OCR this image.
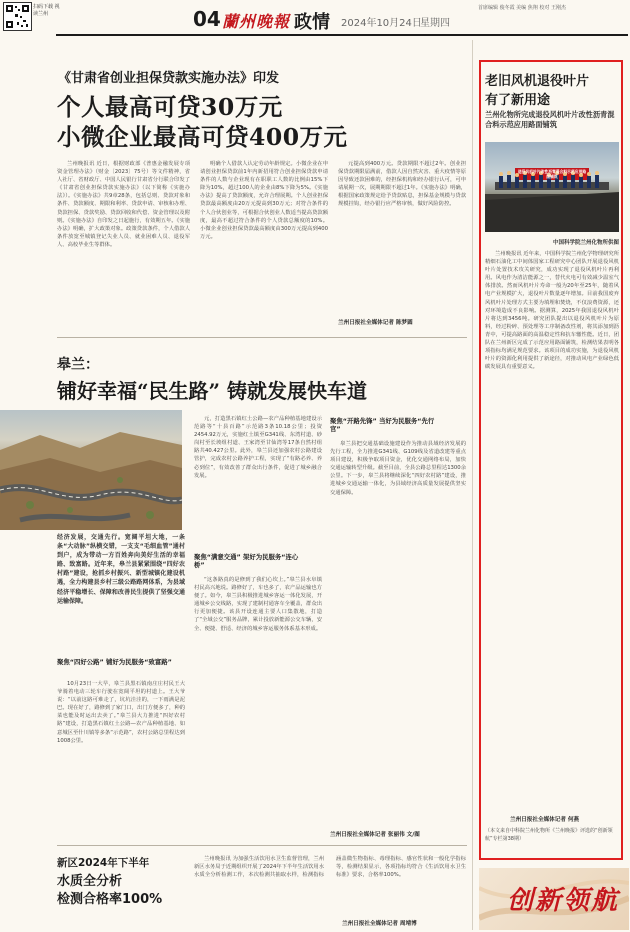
扫码下载 视读兰州	04 蘭州晚報 政情 2024年10月24日
星期四
首席编辑 俊冬霞 美编 焦翔 校对 王刚杰
《甘肃省创业担保贷款实施办法》印发
个人最高可贷30万元
小微企业最高可贷400万元

兰州晚报讯 近日，根据财政部《普惠金融发展专项资金管理办法》（财金〔2023〕75号）等文件精神，省人社厅、省财政厅、中国人民银行甘肃省分行联合印发了《甘肃省创业担保贷款实施办法》（以下简称《实施办法》）。《实施办法》共9章28条，包括总则、贷款对象和条件、贷款额度、期限和利率、贷款申请、审核和办理、贷款担保、贷款奖励、贷款回收和代偿、资金管理以及附则。《实施办法》自印发之日起施行，有效期五年。《实施办法》明确，扩大政策对象。政策贷款条件，个人借款人条件放宽至城镇登记失业人员、就业困难人员、退役军人、高校毕业生等群体。

明确个人借款人认定劳动年龄规定。小微企业在申请创业担保贷款前1年内新招用符合创业担保贷款申请条件的人数与企业现有在职职工人数的比例由15%下降为10%，超过100人的企业由8%下降为5%。《实施办法》提高了贷款额度，允许合理展期。个人创业担保贷款最高额度由20万元提高到30万元；对符合条件的个人合伙创业等，可根据合伙创业人数适当提高贷款额度，最高不超过符合条件的个人贷款总额度的10%。小微企业创业担保贷款最高额度由300万元提高到400万元。

元提高到400万元。贷款期限不超过2年。创业担保贷款期限届满前，借款人因自然灾害、重大疫情等原因导致还款困难的，经担保机构和经办银行认可，可申请展期一次，展期期限不超过1年。《实施办法》明确，根据国家政策规定给予贷款贴息，担保基金规模与贷款规模挂钩，经办银行应严格审核，做好风险防控。

兰州日报社全媒体记者 陈梦圆
老旧风机退役叶片
有了新用途
兰州化物所完成退役风机叶片改性沥青混合料示范应用路面铺筑
退役风机叶片改性沥青混合料示范应用路面铺筑
中国科学院兰州化物所供图

兰州晚报讯 近年来，中国科学院兰州化学物理研究所精细石油化工中间体国家工程研究中心团队开展退役风机叶片处置技术攻关研究，成功实现了退役风机叶片再利用。风电作为清洁能源之一，替代火电可有效减少温室气体排放。然而风机叶片寿命一般为20年至25年，随着风电产业规模扩大，退役叶片数量逐年增加。目前我国废弃风机叶片处理方式主要为填埋和焚烧，不仅浪费资源，还对环境造成不良影响。据测算，2025年我国退役风机叶片将达到3456吨。研究团队提出以退役风机叶片为原料，经过粉碎、预处理等工序制备改性剂，将其添加到沥青中，可提高路面的高温稳定性和抗车辙性能。近日，团队在兰州新区完成了示范应用路面铺筑，检测结果表明各项指标均满足规范要求。该项目的成功实施，为退役风机叶片的资源化利用提供了新途径，对推动风电产业绿色低碳发展具有重要意义。

兰州日报社全媒体记者 何燕
（本文来自中科院兰州化物所《兰州晚报》评选的“创新领航”专栏第38期）
创新领航
皋兰：
铺好幸福“民生路” 铸就发展快车道
经济发展，交通先行。宽阔平坦大地，一条条“大动脉”纵横交错，一支支“毛细血管”通村到户，成为带动一方百姓奔向美好生活的幸福路、致富路。近年来，皋兰县紧紧围绕“四好农村路”建设，抢抓乡村振兴、新型城镇化建设机遇，全力构建县乡村三级公路路网体系，为县域经济平稳增长、保障和改善民生提供了坚强交通运输保障。
聚焦“四好公路” 铺好为民服务“致富路”

10月23日一大早，皋兰县黑石镇南庄庄村民王大爷骑着电动三轮车行驶在宽阔平坦的村道上。王大爷说：“以前这路可难走了，坑坑洼洼的，一下雨满是泥巴。现在好了，路修到了家门口，出门方便多了，种的菜也能及时运出去卖了。”皋兰县大力推进“四好农村路”建设，打造黑石镇红土公路—农产品种植基地、如意城区至什川镇等多条“示范路”，农村公路总里程达到1008公里。

元，打造黑石镇红土公路—农产品种植基地建设示范路等“十县百路”示范路3条10.18公里；投资2454.92万元，实施红土镇至G341线、东湾村道、砂岗村至长坡组村道、王家湾至甘仙湾等17条自然村组路共40.427公里。此外，皋兰县还加强农村公路建设管护，完成农村公路养护工程，实现了“有路必养、养必到位”，有效改善了群众出行条件，促进了城乡融合发展。

聚焦“满意交通” 架好为民服务“连心桥”

“这条路真的是修到了我们心坎上。”皋兰县水阜镇村民高兴地说。路修好了，车也多了，农产品运输也方便了。如今，皋兰县积极推进城乡客运一体化发展，开通城乡公交线路，实现了建制村通客车全覆盖，群众出行更加便捷。该县开设连通主要人口集散地，打造了“全域公交”服务品牌，累计投放新能源公交车辆，安全、便捷、舒适、经济的城乡客运服务体系基本形成。

聚焦“开路先锋” 当好为民服务“先行官”

皋兰县把交通基础设施建设作为推动县域经济发展的先行工程，全力推进G341线、G109线及省道改建等重点项目建设，积极争取项目资金，优化交通网络布局，加快交通运输转型升级。截至目前，全县公路总里程达1300余公里。下一步，皋兰县将继续深化“四好农村路”建设，推进城乡交通运输一体化，为县域经济高质量发展提供坚实交通保障。

兰州日报社全媒体记者 张丽伟 文/图
新区2024年下半年
水质全分析
检测合格率100%

兰州晚报讯 为加强生活饮用水卫生监督管理，兰州新区水务局于近期组织开展了2024年下半年生活饮用水水质全分析检测工作，本次检测共抽取水样，检测指标涵盖微生物指标、毒理指标、感官性状和一般化学指标等，检测结果显示，各项指标均符合《生活饮用水卫生标准》要求，合格率100%。

兰州日报社全媒体记者 周靖博
